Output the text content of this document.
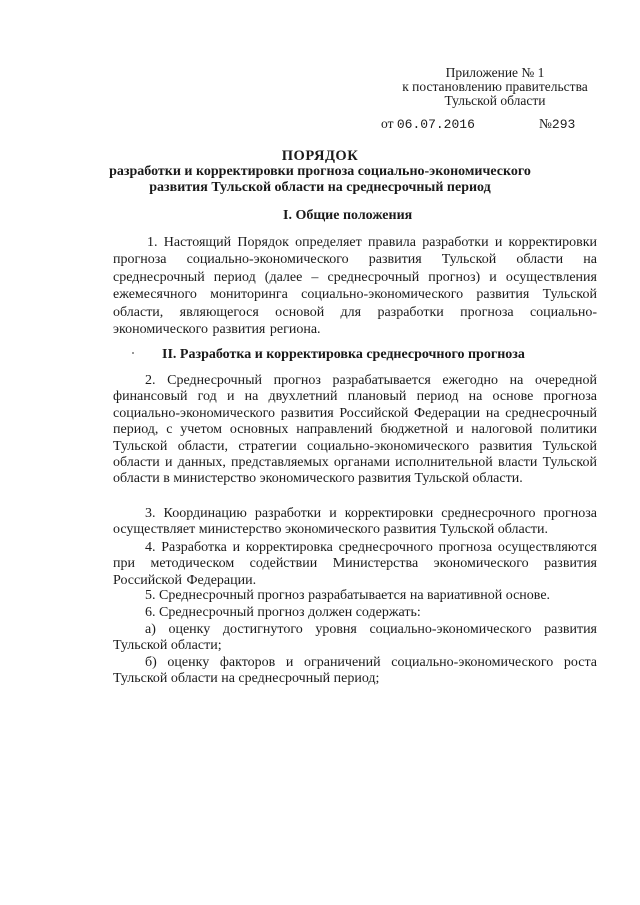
Приложение № 1
к постановлению правительства
Тульской области
от 06.07.2016	№293
ПОРЯДОК
разработки и корректировки прогноза социально-экономического
развития Тульской области на среднесрочный период
I. Общие положения
1. Настоящий Порядок определяет правила разработки и корректировки прогноза социально-экономического развития Тульской области на среднесрочный период (далее – среднесрочный прогноз) и осуществления ежемесячного мониторинга социально-экономического развития Тульской области, являющегося основой для разработки прогноза социально-экономического развития региона.
II. Разработка и корректировка среднесрочного прогноза
2. Среднесрочный прогноз разрабатывается ежегодно на очередной финансовый год и на двухлетний плановый период на основе прогноза социально-экономического развития Российской Федерации на среднесрочный период, с учетом основных направлений бюджетной и налоговой политики Тульской области, стратегии социально-экономического развития Тульской области и данных, представляемых органами исполнительной власти Тульской области в министерство экономического развития Тульской области.
3. Координацию разработки и корректировки среднесрочного прогноза осуществляет министерство экономического развития Тульской области.
4. Разработка и корректировка среднесрочного прогноза осуществляются при методическом содействии Министерства экономического развития Российской Федерации.
5. Среднесрочный прогноз разрабатывается на вариативной основе.
6. Среднесрочный прогноз должен содержать:
а) оценку достигнутого уровня социально-экономического развития Тульской области;
б) оценку факторов и ограничений социально-экономического роста Тульской области на среднесрочный период;
